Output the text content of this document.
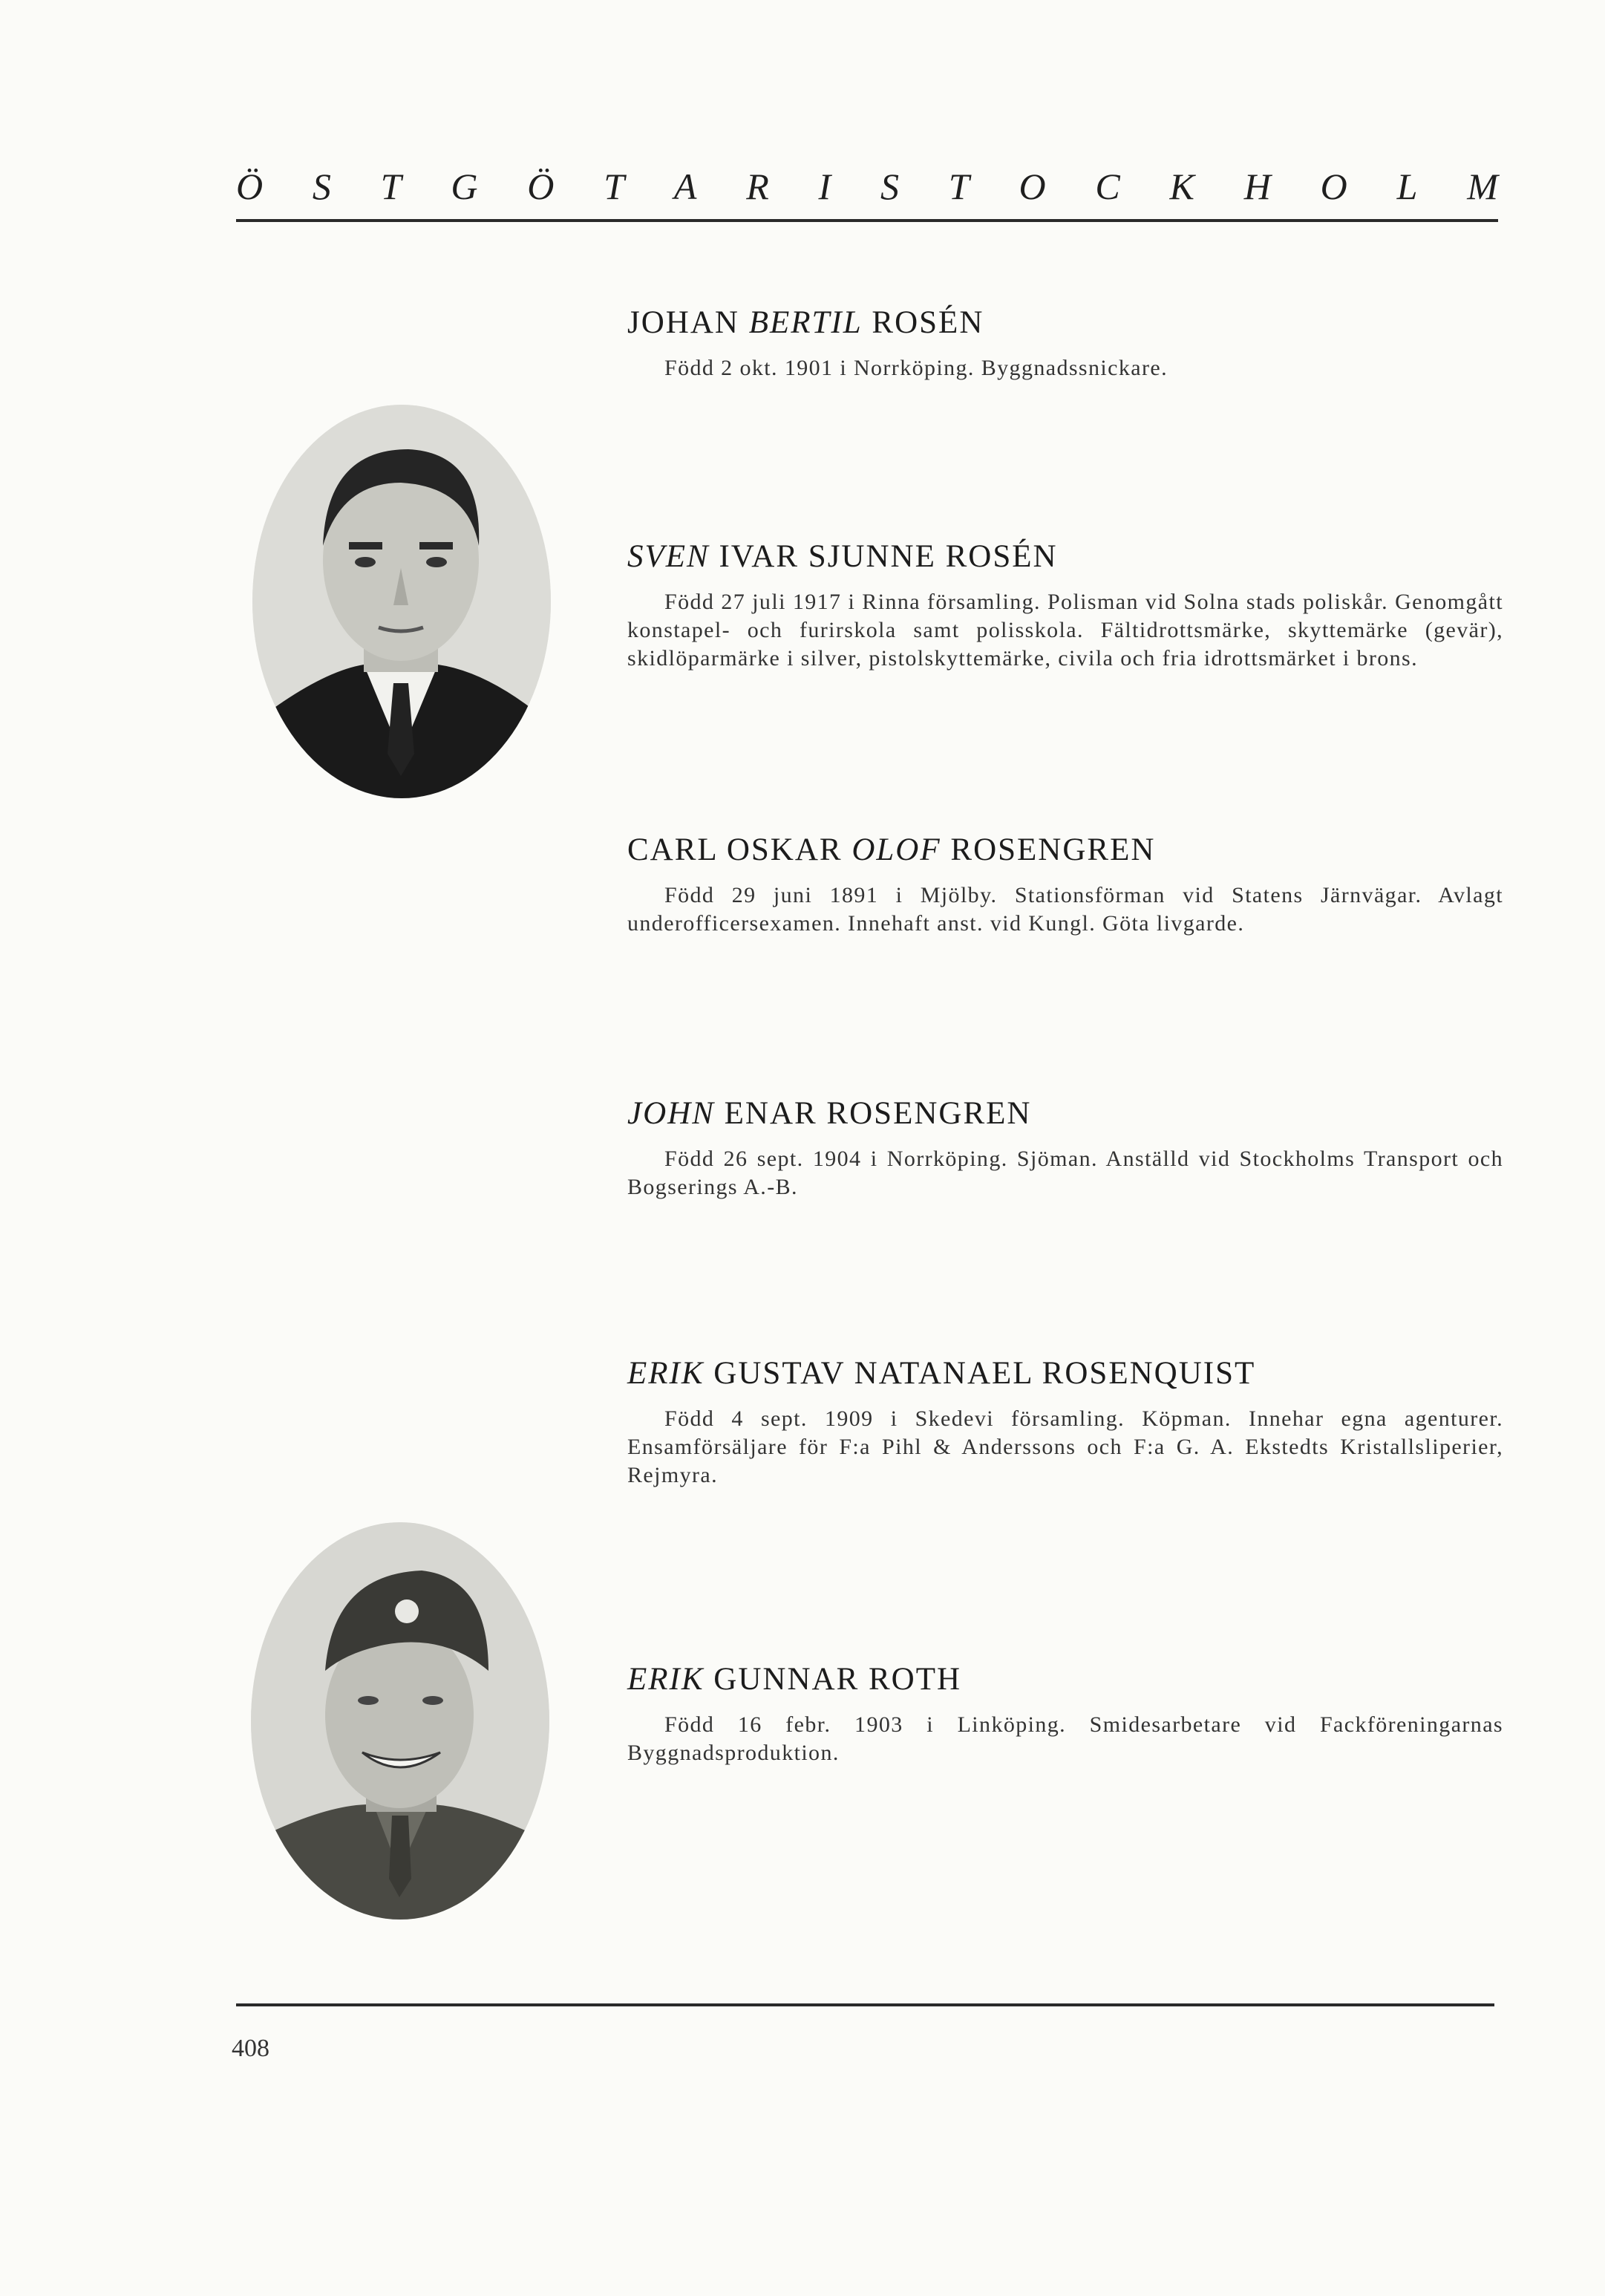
Ö S T G Ö T A R I S T O C K H O L M
JOHAN BERTIL ROSÉN
Född 2 okt. 1901 i Norrköping. Byggnadssnickare.
SVEN IVAR SJUNNE ROSÉN
Född 27 juli 1917 i Rinna församling. Polisman vid Solna stads poliskår. Genomgått konstapel- och furirskola samt polisskola. Fältidrottsmärke, skyttemärke (gevär), skidlöparmärke i silver, pistolskyttemärke, civila och fria idrottsmärket i brons.
CARL OSKAR OLOF ROSENGREN
Född 29 juni 1891 i Mjölby. Stationsförman vid Statens Järnvägar. Avlagt underofficersexamen. Innehaft anst. vid Kungl. Göta livgarde.
JOHN ENAR ROSENGREN
Född 26 sept. 1904 i Norrköping. Sjöman. Anställd vid Stockholms Transport och Bogserings A.-B.
ERIK GUSTAV NATANAEL ROSENQUIST
Född 4 sept. 1909 i Skedevi församling. Köpman. Innehar egna agenturer. Ensamförsäljare för F:a Pihl & Anderssons och F:a G. A. Ekstedts Kristallsliperier, Rejmyra.
ERIK GUNNAR ROTH
Född 16 febr. 1903 i Linköping. Smidesarbetare vid Fackföreningarnas Byggnadsproduktion.
408
